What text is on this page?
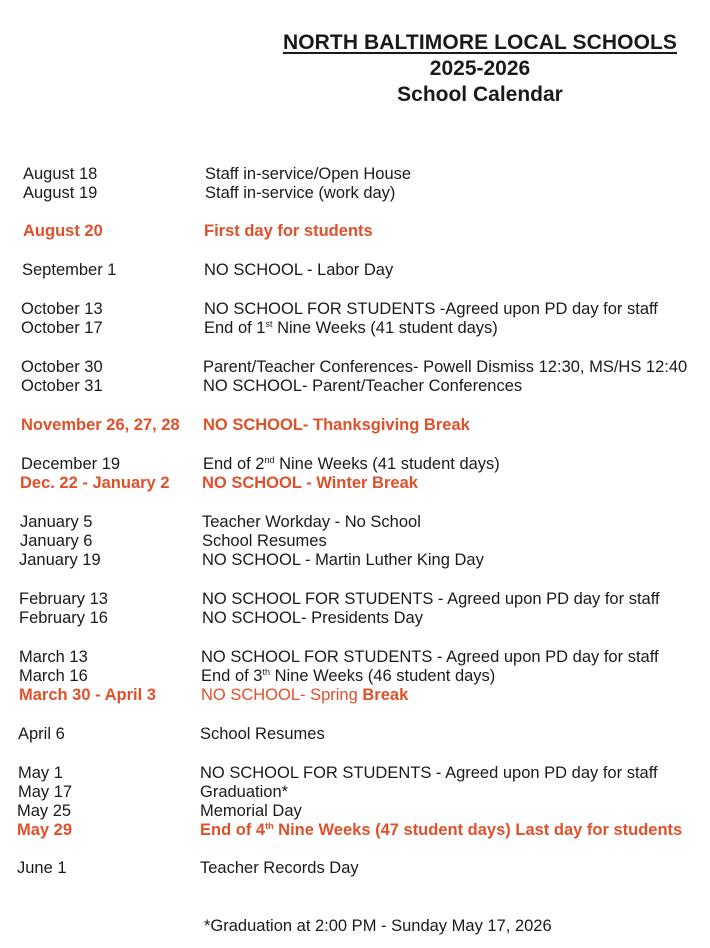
NORTH BALTIMORE LOCAL SCHOOLS
2025-2026
School Calendar
August 18	Staff in-service/Open House
August 19	Staff in-service (work day)
August 20	First day for students
September 1	NO SCHOOL - Labor Day
October 13	NO SCHOOL FOR STUDENTS -Agreed upon PD day for staff
October 17	End of 1st Nine Weeks (41 student days)
October 30	Parent/Teacher Conferences- Powell Dismiss 12:30, MS/HS 12:40
October 31	NO SCHOOL- Parent/Teacher Conferences
November 26, 27, 28 NO SCHOOL- Thanksgiving Break
December 19	End of 2nd Nine Weeks (41 student days)
Dec. 22 - January 2 NO SCHOOL - Winter Break
January 5	Teacher Workday - No School
January 6	School Resumes
January 19	NO SCHOOL - Martin Luther King Day
February 13	NO SCHOOL FOR STUDENTS - Agreed upon PD day for staff
February 16	NO SCHOOL- Presidents Day
March 13	NO SCHOOL FOR STUDENTS - Agreed upon PD day for staff
March 16	End of 3th Nine Weeks (46 student days)
March 30 - April 3	NO SCHOOL- Spring Break
April 6	School Resumes
May 1	NO SCHOOL FOR STUDENTS - Agreed upon PD day for staff
May 17	Graduation*
May 25	Memorial Day
May 29	End of 4th Nine Weeks (47 student days) Last day for students
June 1	Teacher Records Day
*Graduation at 2:00 PM - Sunday May 17, 2026
